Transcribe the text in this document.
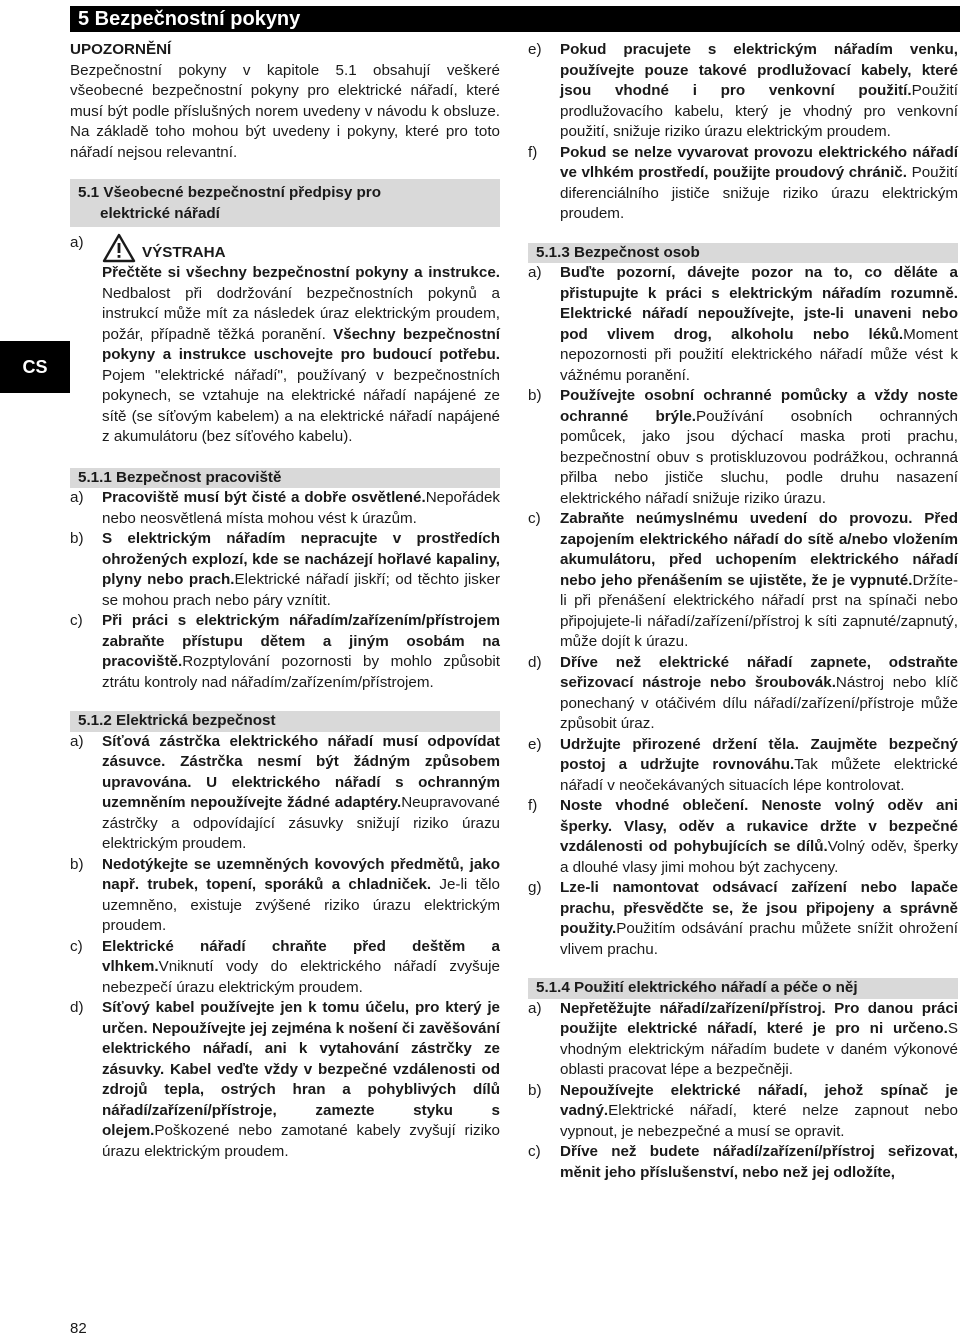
5 Bezpečnostní pokyny
CS

UPOZORNĚNÍ

Bezpečnostní pokyny v kapitole 5.1 obsahují veškeré všeobecné bezpečnostní pokyny pro elektrické nářadí, které musí být podle příslušných norem uvedeny v návodu k obsluze. Na základě toho mohou být uvedeny i pokyny, které pro toto nářadí nejsou relevantní.

5.1 Všeobecné bezpečnostní předpisy pro
elektrické nářadí
a)
VÝSTRAHA

Přečtěte si všechny bezpečnostní pokyny a instrukce. Nedbalost při dodržování bezpečnostních pokynů a instrukcí může mít za následek úraz elektrickým proudem, požár, případně těžká poranění. Všechny bezpečnostní pokyny a instrukce uschovejte pro budoucí potřebu. Pojem "elektrické nářadí", používaný v bezpečnostních pokynech, se vztahuje na elektrické nářadí napájené ze sítě (se síťovým kabelem) a na elektrické nářadí napájené z akumulátoru (bez síťového kabelu).

5.1.1 Bezpečnost pracoviště
a) Pracoviště musí být čisté a dobře osvětlené.Nepořádek nebo neosvětlená místa mohou vést k úrazům.
b) S elektrickým nářadím nepracujte v prostředích ohrožených explozí, kde se nacházejí hořlavé kapaliny, plyny nebo prach.Elektrické nářadí jiskří; od těchto jisker se mohou prach nebo páry vznítit.
c) Při práci s elektrickým nářadím/zařízením/přístrojem zabraňte přístupu dětem a jiným osobám na pracoviště.Rozptylování pozornosti by mohlo způsobit ztrátu kontroly nad nářadím/zařízením/přístrojem.
5.1.2 Elektrická bezpečnost
a) Síťová zástrčka elektrického nářadí musí odpovídat zásuvce. Zástrčka nesmí být žádným způsobem upravována. U elektrického nářadí s ochranným uzemněním nepoužívejte žádné adaptéry.Neupravované zástrčky a odpovídající zásuvky snižují riziko úrazu elektrickým proudem.
b) Nedotýkejte se uzemněných kovových předmětů, jako např. trubek, topení, sporáků a chladniček. Je-li tělo uzemněno, existuje zvýšené riziko úrazu elektrickým proudem.
c) Elektrické nářadí chraňte před deštěm a vlhkem.Vniknutí vody do elektrického nářadí zvyšuje nebezpečí úrazu elektrickým proudem.
d) Síťový kabel používejte jen k tomu účelu, pro který je určen. Nepoužívejte jej zejména k nošení či zavěšování elektrického nářadí, ani k vytahování zástrčky ze zásuvky. Kabel veďte vždy v bezpečné vzdálenosti od zdrojů tepla, ostrých hran a pohyblivých dílů nářadí/zařízení/přístroje, zamezte styku s olejem.Poškozené nebo zamotané kabely zvyšují riziko úrazu elektrickým proudem.
e) Pokud pracujete s elektrickým nářadím venku, používejte pouze takové prodlužovací kabely, které jsou vhodné i pro venkovní použití.Použití prodlužovacího kabelu, který je vhodný pro venkovní použití, snižuje riziko úrazu elektrickým proudem.
f) Pokud se nelze vyvarovat provozu elektrického nářadí ve vlhkém prostředí, použijte proudový chránič. Použití diferenciálního jističe snižuje riziko úrazu elektrickým proudem.
5.1.3 Bezpečnost osob
a) Buďte pozorní, dávejte pozor na to, co děláte a přistupujte k práci s elektrickým nářadím rozumně. Elektrické nářadí nepoužívejte, jste-li unaveni nebo pod vlivem drog, alkoholu nebo léků.Moment nepozornosti při použití elektrického nářadí může vést k vážnému poranění.
b) Používejte osobní ochranné pomůcky a vždy noste ochranné brýle.Používání osobních ochranných pomůcek, jako jsou dýchací maska proti prachu, bezpečnostní obuv s protiskluzovou podrážkou, ochranná přilba nebo jističe sluchu, podle druhu nasazení elektrického nářadí snižuje riziko úrazu.
c) Zabraňte neúmyslnému uvedení do provozu. Před zapojením elektrického nářadí do sítě a/nebo vložením akumulátoru, před uchopením elektrického nářadí nebo jeho přenášením se ujistěte, že je vypnuté.Držíte-li při přenášení elektrického nářadí prst na spínači nebo připojujete-li nářadí/zařízení/přístroj k síti zapnuté/zapnutý, může dojít k úrazu.
d) Dříve než elektrické nářadí zapnete, odstraňte seřizovací nástroje nebo šroubovák.Nástroj nebo klíč ponechaný v otáčivém dílu nářadí/zařízení/přístroje může způsobit úraz.
e) Udržujte přirozené držení těla. Zaujměte bezpečný postoj a udržujte rovnováhu.Tak můžete elektrické nářadí v neočekávaných situacích lépe kontrolovat.
f) Noste vhodné oblečení. Nenoste volný oděv ani šperky. Vlasy, oděv a rukavice držte v bezpečné vzdálenosti od pohybujících se dílů.Volný oděv, šperky a dlouhé vlasy jimi mohou být zachyceny.
g) Lze-li namontovat odsávací zařízení nebo lapače prachu, přesvědčte se, že jsou připojeny a správně použity.Použitím odsávání prachu můžete snížit ohrožení vlivem prachu.
5.1.4 Použití elektrického nářadí a péče o něj
a) Nepřetěžujte nářadí/zařízení/přístroj. Pro danou práci použijte elektrické nářadí, které je pro ni určeno.S vhodným elektrickým nářadím budete v daném výkonové oblasti pracovat lépe a bezpečněji.
b) Nepoužívejte elektrické nářadí, jehož spínač je vadný.Elektrické nářadí, které nelze zapnout nebo vypnout, je nebezpečné a musí se opravit.
c) Dříve než budete nářadí/zařízení/přístroj seřizovat, měnit jeho příslušenství, nebo než jej odložíte,
82
